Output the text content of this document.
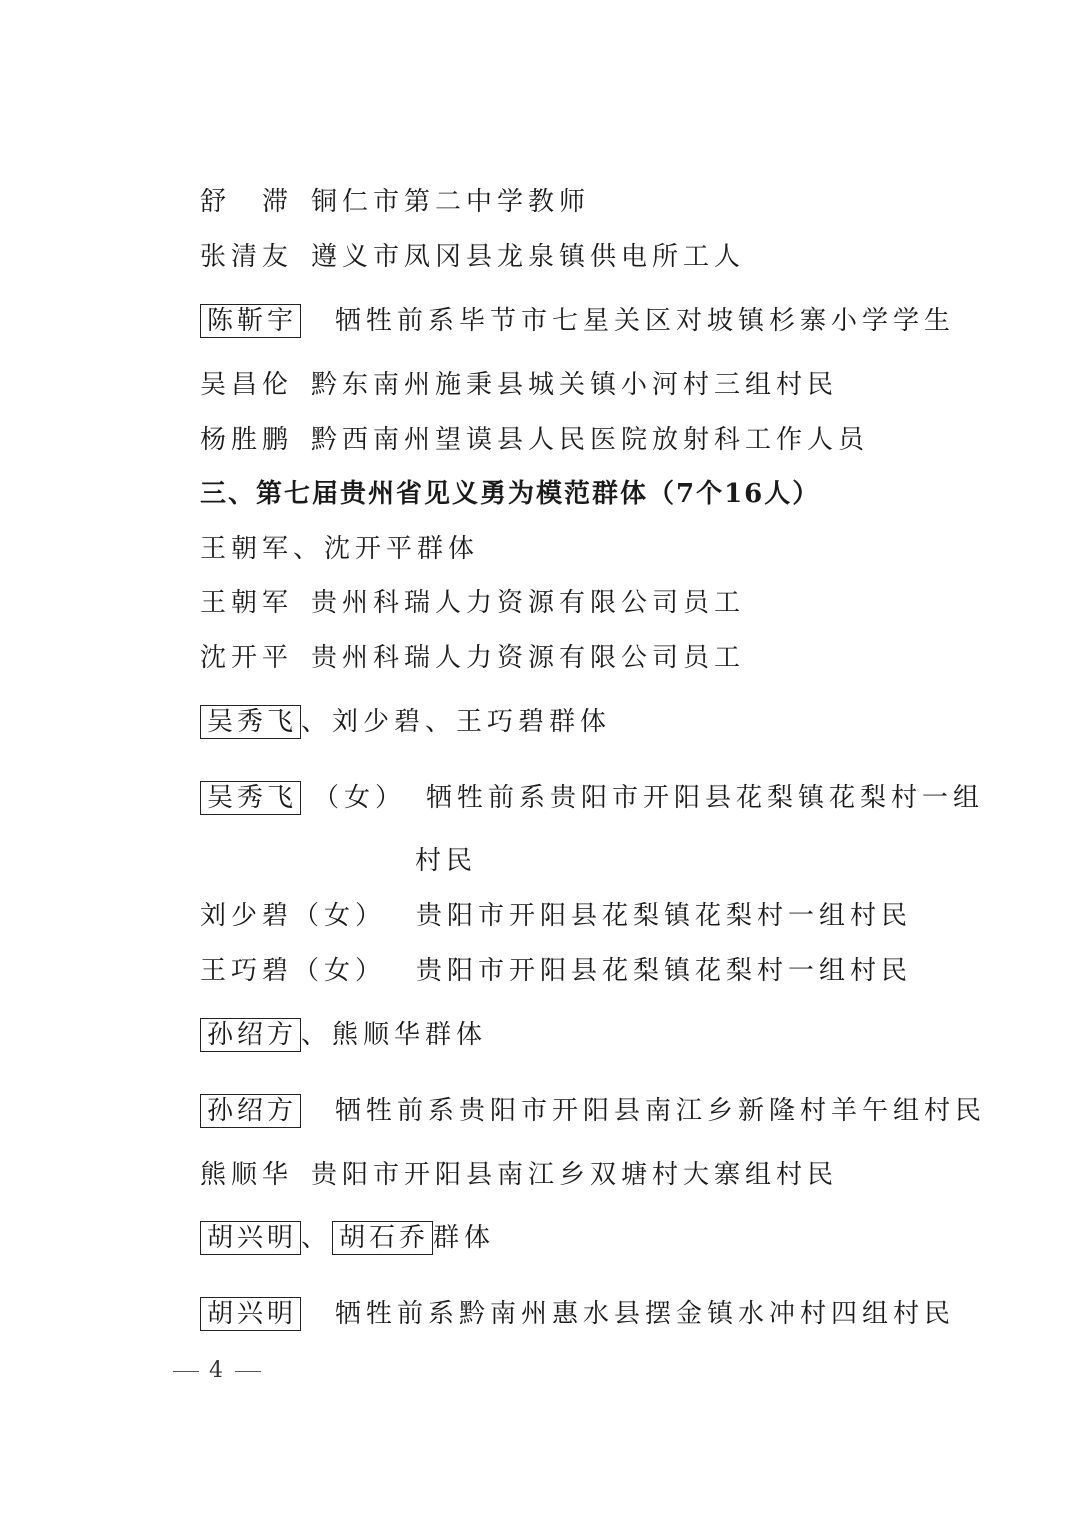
舒　滞 铜仁市第二中学教师
张清友 遵义市凤冈县龙泉镇供电所工人
陈靳宇 牺牲前系毕节市七星关区对坡镇杉寨小学学生
吴昌伦 黔东南州施秉县城关镇小河村三组村民
杨胜鹏 黔西南州望谟县人民医院放射科工作人员
三、第七届贵州省见义勇为模范群体（7个16人）
王朝军、沈开平群体
王朝军 贵州科瑞人力资源有限公司员工
沈开平 贵州科瑞人力资源有限公司员工
吴秀飞 、刘少碧、王巧碧群体
吴秀飞 （女） 牺牲前系贵阳市开阳县花梨镇花梨村一组
村民
刘少碧（女） 贵阳市开阳县花梨镇花梨村一组村民
王巧碧（女） 贵阳市开阳县花梨镇花梨村一组村民
孙绍方 、熊顺华群体
孙绍方 牺牲前系贵阳市开阳县南江乡新隆村羊午组村民
熊顺华 贵阳市开阳县南江乡双塘村大寨组村民
胡兴明 、 胡石乔 群体
胡兴明 牺牲前系黔南州惠水县摆金镇水冲村四组村民
4
